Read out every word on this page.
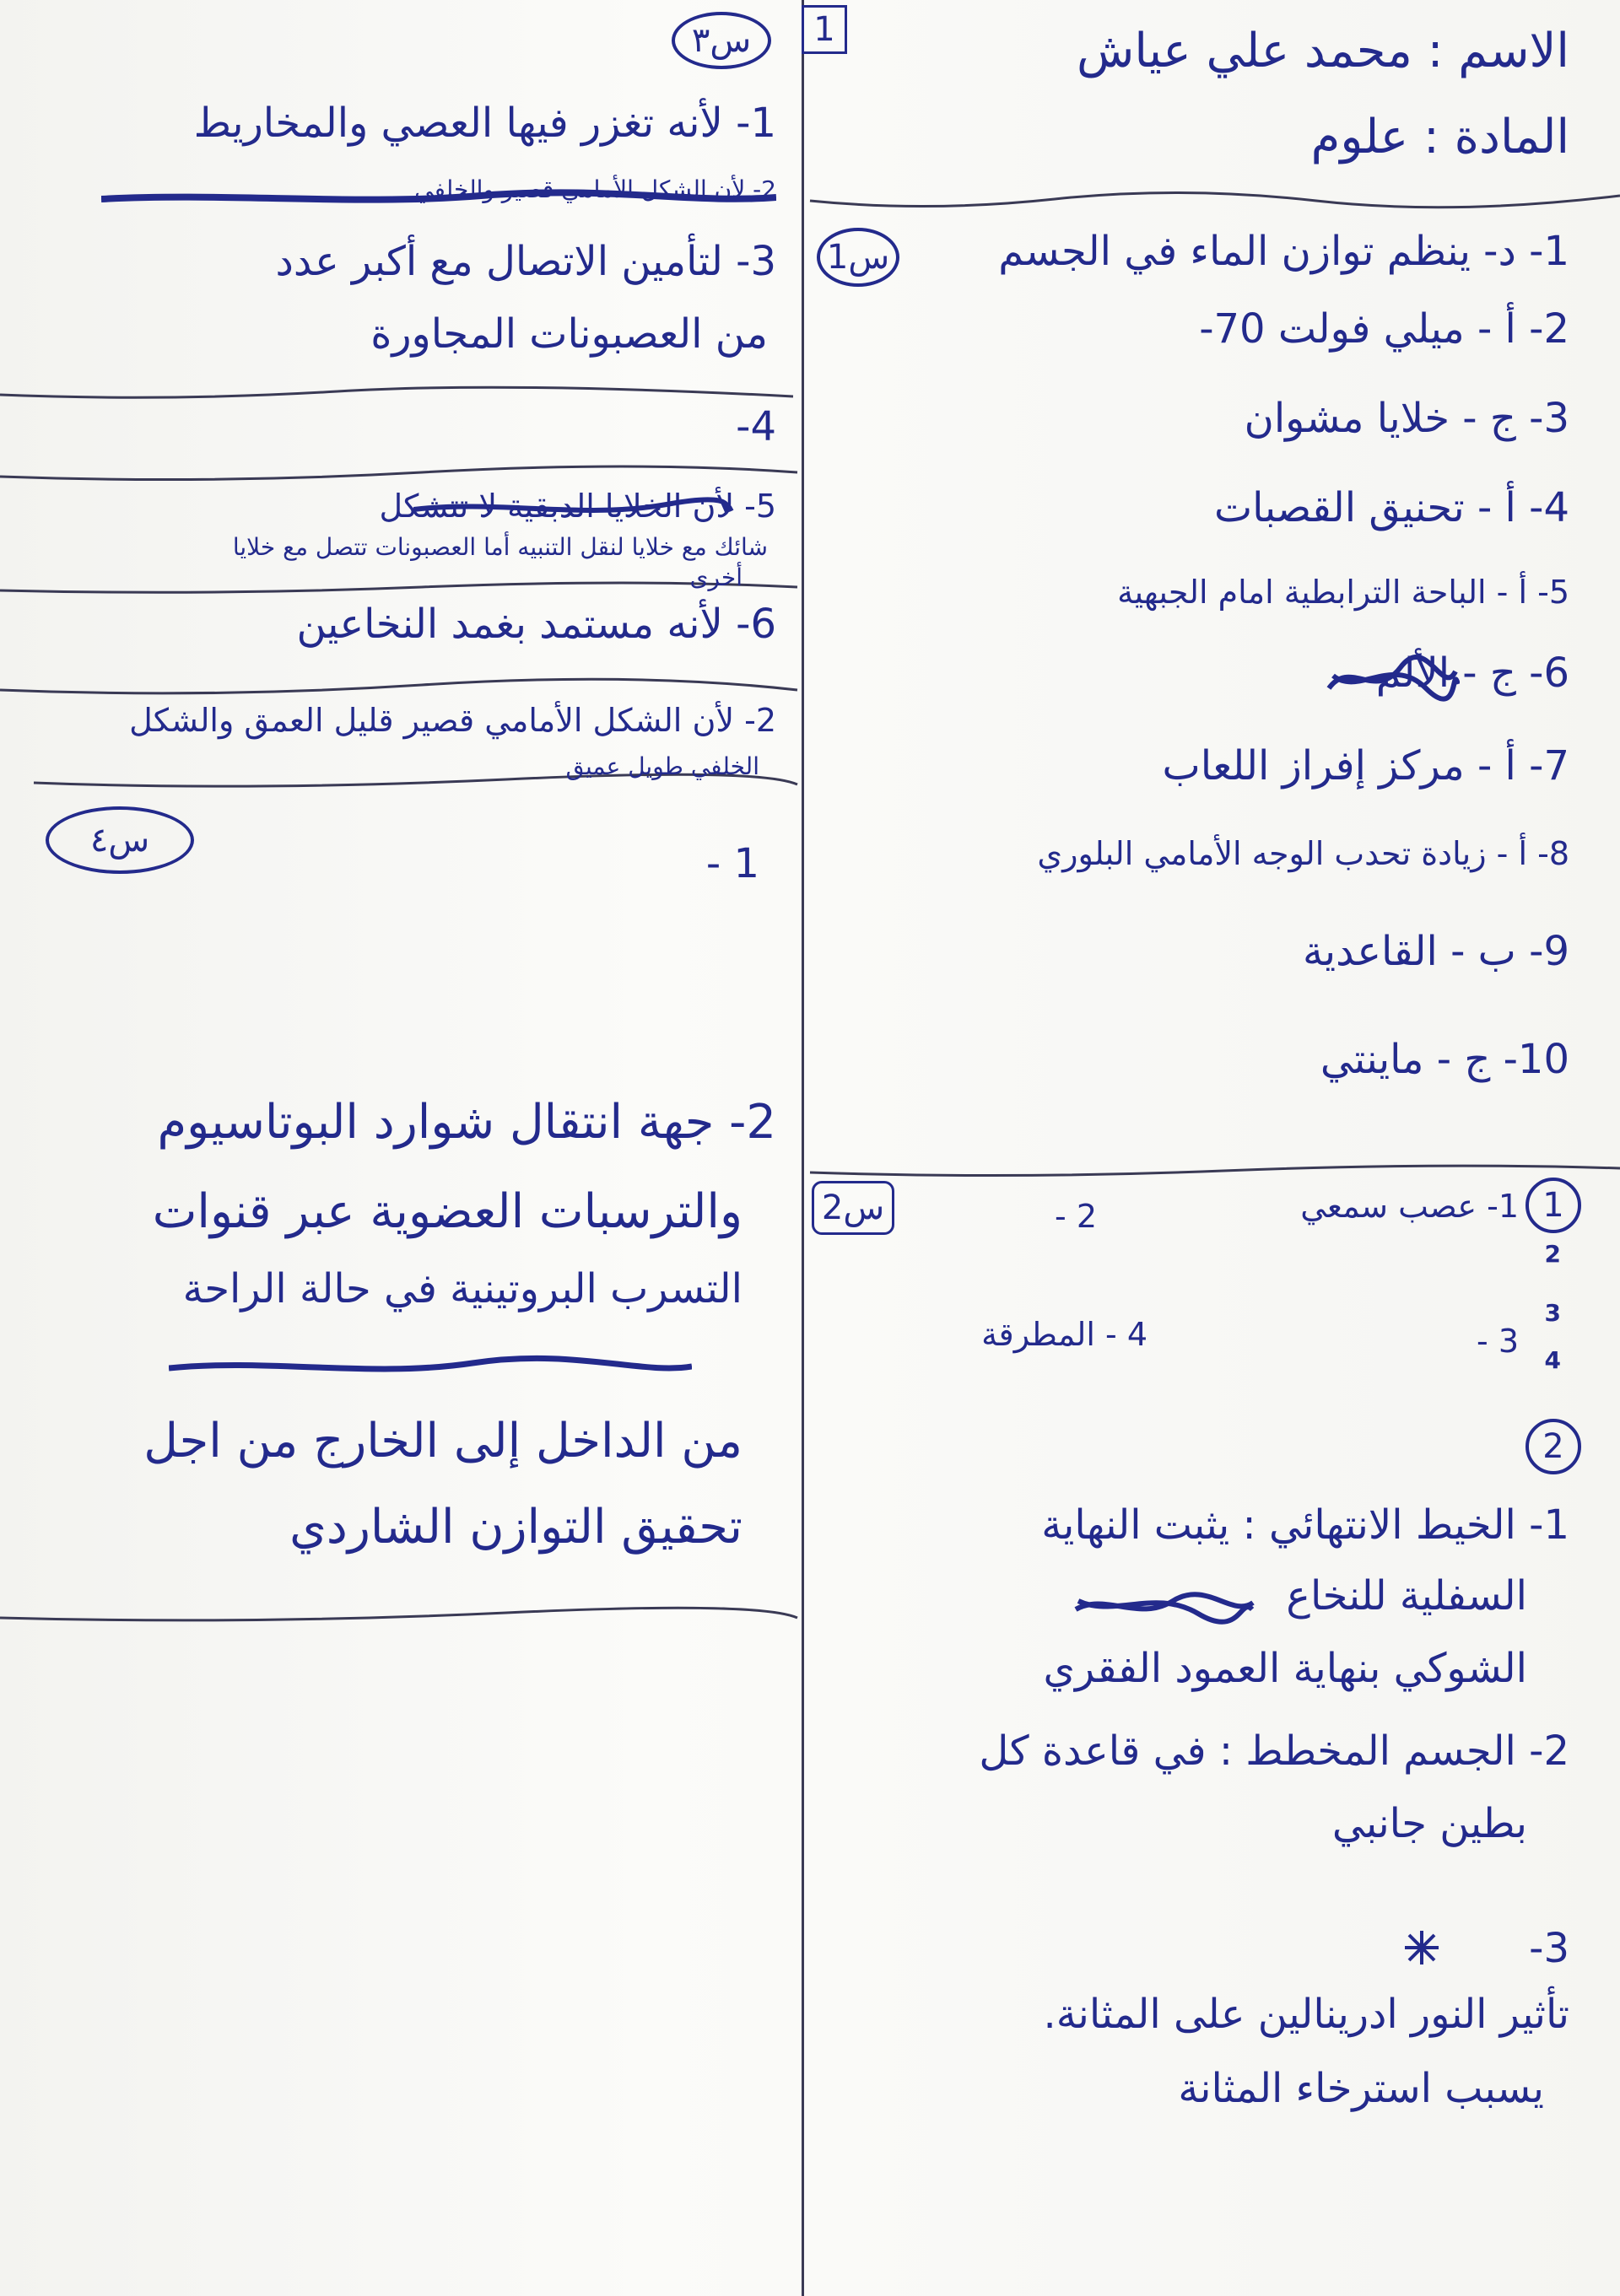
1	الاسم : محمد علي عياش
المادة : علوم
س1	1- د- ينظم توازن الماء في الجسم
2- أ - ميلي فولت 70-
3- ج - خلايا مشوان
4- أ - تحنيق القصبات
5- أ - الباحة الترابطية امام الجبهية
6- ج - الألم
7- أ - مركز إفراز اللعاب
8- أ - زيادة تحدب الوجه الأمامي البلوري
9- ب - القاعدية
10- ج - ماينتي
س2	1
1- عصب سمعي
2 -
3 -
4 - المطرقة
2
3
4
2
1- الخيط الانتهائي : يثبت النهاية
السفلية للنخاع
الشوكي بنهاية العمود الفقري
2- الجسم المخطط : في قاعدة كل
بطين جانبي
3-
تأثير النور ادرينالين على المثانة.
يسبب استرخاء المثانة
س٣
1- لأنه تغزر فيها العصي والمخاريط
2- لأن الشكل الأمامي قصير والخلفي
3- لتأمين الاتصال مع أكبر عدد
من العصبونات المجاورة
4-
5- لأن الخلايا الدبقية لا تتشكل
شائك مع خلايا لنقل التنبيه أما العصبونات تتصل مع خلايا
أخرى
6- لأنه مستمد بغمد النخاعين
2- لأن الشكل الأمامي قصير قليل العمق والشكل
الخلفي طويل عميق
س٤	1 -
2- جهة انتقال شوارد البوتاسيوم
والترسبات العضوية عبر قنوات
التسرب البروتينية في حالة الراحة
من الداخل إلى الخارج من اجل
تحقيق التوازن الشاردي
